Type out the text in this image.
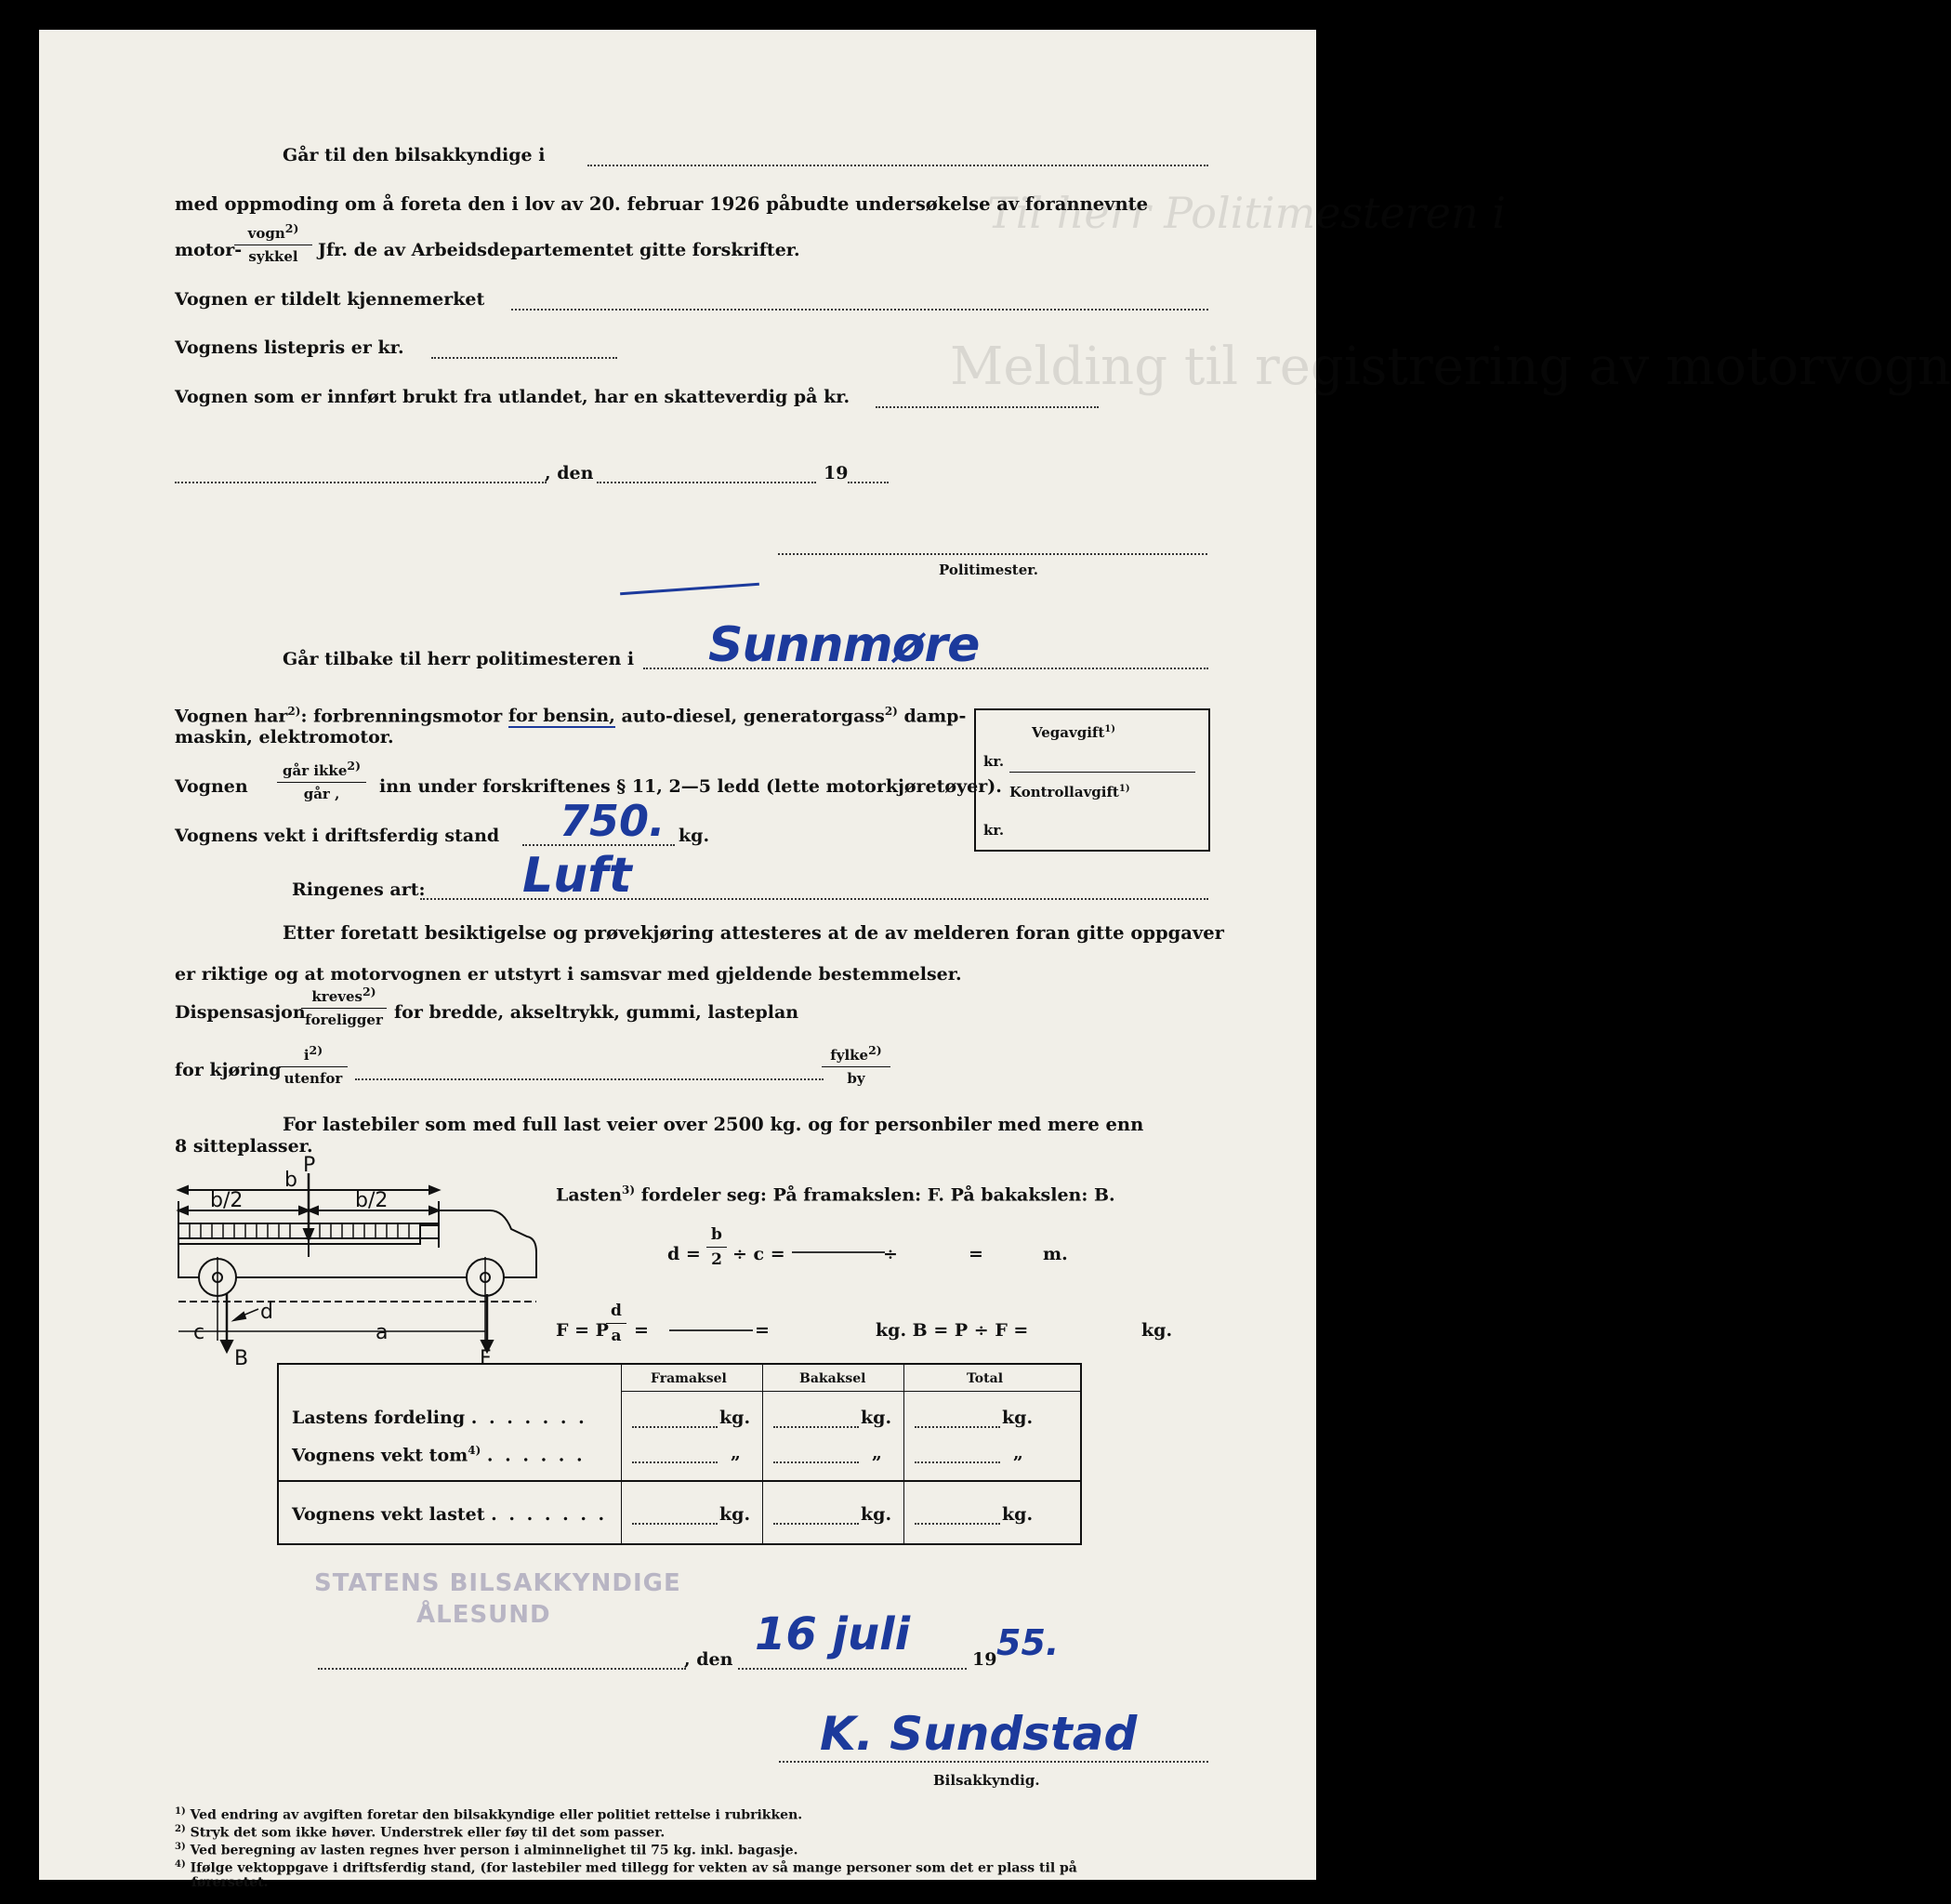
Til herr Politimesteren i
Melding til registrering av motorvogn
Går til den bilsakkyndige i
med oppmoding om å foreta den i lov av 20. februar 1926 påbudte undersøkelse av forannevnte
motor-
vogn$^{2)}$
sykkel	Jfr. de av Arbeidsdepartementet gitte forskrifter.
Vognen er tildelt kjennemerket
Vognens listepris er kr.
Vognen som er innført brukt fra utlandet, har en skatteverdig på kr.
, den	19
Politimester.
Går tilbake til herr politimesteren i Sunnmøre
Vognen har$^{2)}$: forbrenningsmotor for bensin, auto-diesel, generatorgass$^{2)}$ damp-
maskin, elektromotor.
Vognen
går ikke$^{2)}$
går ,	inn under forskriftenes § 11, 2—5 ledd (lette motorkjøretøyer).
Vognens vekt i driftsferdig stand 750. kg.
Ringenes art: Luft
Vegavgift$^{1)}$
kr.
Kontrollavgift$^{1)}$
kr.
Etter foretatt besiktigelse og prøvekjøring attesteres at de av melderen foran gitte oppgaver
er riktige og at motorvognen er utstyrt i samsvar med gjeldende bestemmelser.
Dispensasjon
kreves$^{2)}$
foreligger for bredde, akseltrykk, gummi, lasteplan
for kjøring
$i^{2)}$
utenfor
fylke$^{2)}$
by
For lastebiler som med full last veier over 2500 kg. og for personbiler med mere enn
8 sitteplasser.
P
b
b/2	b/2
d
c	a
B	F
Lasten$^{3)}$ fordeler seg: På framakslen: F. På bakakslen: B.
$d = \frac{b}{2} \div c$ =	÷	=	m.
F = P
$\frac{d}{a}$ =	=	kg. B = P ÷ F =	kg.
Framaksel	Bakaksel	Total
Lastens fordeling . . . . . . .	kg.	kg.	kg.
Vognens vekt tom$^{4)}$ . . . . . .	„	„	„
Vognens vekt lastet . . . . . . .	kg.	kg.	kg.
STATENS BILSAKKYNDIGE
ÅLESUND
, den 16 juli	19 55.
K. Sundstad
Bilsakkyndig.
$^{1)}$ Ved endring av avgiften foretar den bilsakkyndige eller politiet rettelse i rubrikken.
$^{2)}$ Stryk det som ikke høver. Understrek eller føy til det som passer.
$^{3)}$ Ved beregning av lasten regnes hver person i alminnelighet til 75 kg. inkl. bagasje.
$^{4)}$ Ifølge vektoppgave i driftsferdig stand, (for lastebiler med tillegg for vekten av så mange personer som det er plass til på
førersetet.
